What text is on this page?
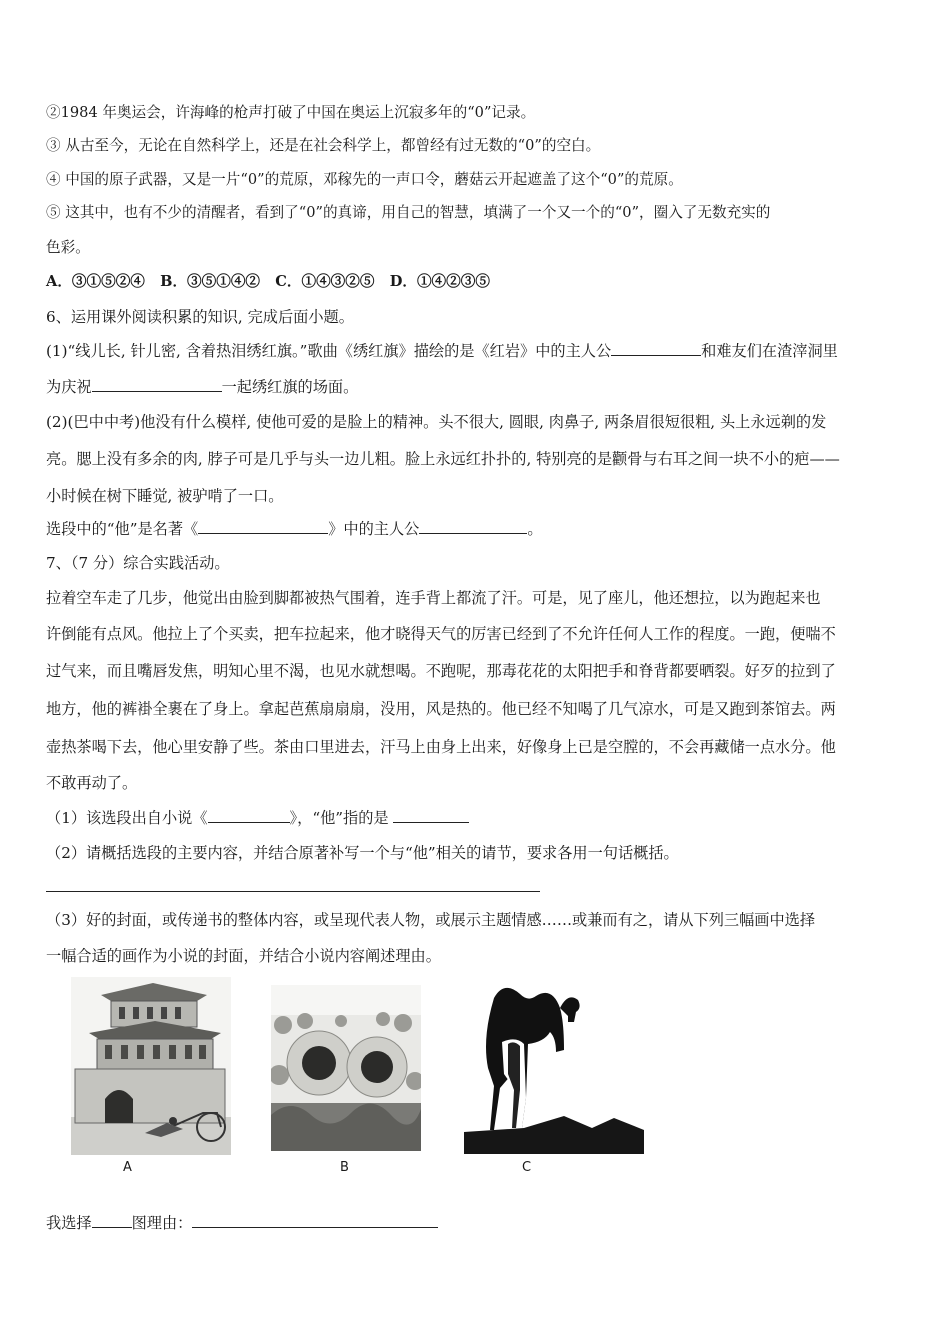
②1984 年奥运会，许海峰的枪声打破了中国在奥运上沉寂多年的“0”记录。
③ 从古至今，无论在自然科学上，还是在社会科学上，都曾经有过无数的“0”的空白。
④ 中国的原子武器，又是一片“0”的荒原，邓稼先的一声口令，蘑菇云开起遮盖了这个“0”的荒原。
⑤ 这其中，也有不少的清醒者，看到了“0”的真谛，用自己的智慧，填满了一个又一个的“0”，圈入了无数充实的
色彩。
A．③①⑤②④   B．③⑤①④②   C．①④③②⑤   D．①④②③⑤
6、运用课外阅读积累的知识, 完成后面小题。
(1)“线儿长, 针儿密, 含着热泪绣红旗。”歌曲《绣红旗》描绘的是《红岩》中的主人公	和难友们在渣滓洞里
为庆祝	一起绣红旗的场面。
(2)(巴中中考)他没有什么模样, 使他可爱的是脸上的精神。头不很大, 圆眼, 肉鼻子, 两条眉很短很粗, 头上永远剃的发
亮。腮上没有多余的肉, 脖子可是几乎与头一边儿粗。脸上永远红扑扑的, 特别亮的是颧骨与右耳之间一块不小的疤——
小时候在树下睡觉, 被驴啃了一口。
选段中的“他”是名著《	》中的主人公	。
7、（7 分）综合实践活动。
拉着空车走了几步，他觉出由脸到脚都被热气围着，连手背上都流了汗。可是，见了座儿，他还想拉，以为跑起来也
许倒能有点风。他拉上了个买卖，把车拉起来，他才晓得天气的厉害已经到了不允许任何人工作的程度。一跑，便喘不
过气来，而且嘴唇发焦，明知心里不渴，也见水就想喝。不跑呢，那毒花花的太阳把手和脊背都要晒裂。好歹的拉到了
地方，他的裤褂全裹在了身上。拿起芭蕉扇扇扇，没用，风是热的。他已经不知喝了几气凉水，可是又跑到茶馆去。两
壶热茶喝下去，他心里安静了些。茶由口里进去，汗马上由身上出来，好像身上已是空膛的，不会再藏储一点水分。他
不敢再动了。
（1）该选段出自小说《	》，“他”指的是
（2）请概括选段的主要内容，并结合原著补写一个与“他”相关的请节，要求各用一句话概括。
（3）好的封面，或传递书的整体内容，或呈现代表人物，或展示主题情感……或兼而有之，请从下列三幅画中选择
一幅合适的画作为小说的封面，并结合小说内容阐述理由。
A	B	C
我选择	图理由：
